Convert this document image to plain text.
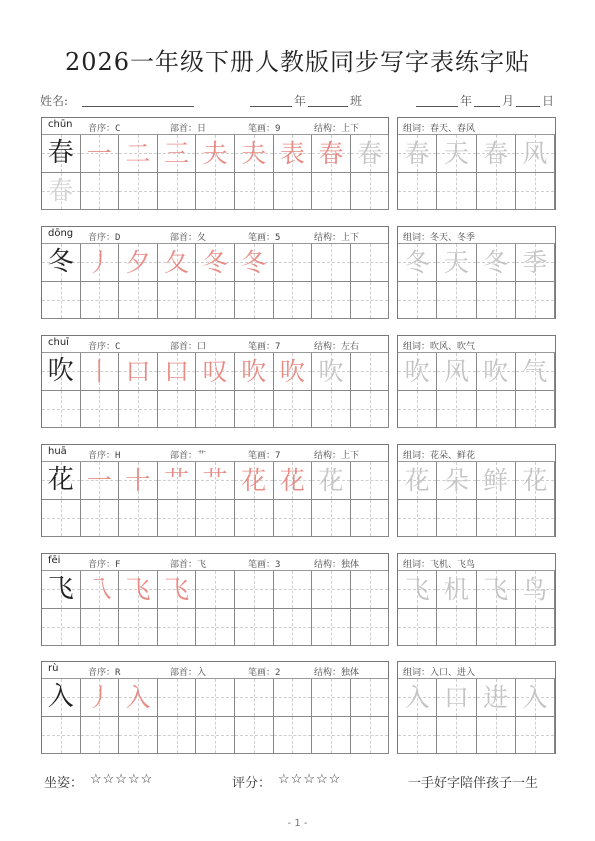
2026一年级下册人教版同步写字表练字贴
姓名:	年	班	年 月 日
chūn 音序：C	部首：日	笔画：9	结构：上下
春 一 二 三 夫 夫 表 春 春
春
组词：春天、春风
春 天 春 风
dōng 音序：D	部首：夂	笔画：5	结构：上下
冬 丿 夕 夂 冬 冬
组词：冬天、冬季
冬 天 冬 季
chuī 音序：C	部首：口	笔画：7	结构：左右
吹 丨 口 口 叹 吹 吹 吹
组词：吹风、吹气
吹 风 吹 气
huā 音序：H	部首：艹	笔画：7	结构：上下
花 一 十 艹 艹 花 花 花
组词：花朵、鲜花
花 朵 鲜 花
fēi	音序：F	部首：飞	笔画：3	结构：独体
飞 乁 飞 飞
组词：飞机、飞鸟
飞 机 飞 鸟
rù	音序：R	部首：入	笔画：2	结构：独体
入 丿 入
组词：入口、进入
入 口 进 入
坐姿： ☆☆☆☆☆	评分： ☆☆☆☆☆	一手好字陪伴孩子一生
- 1 -
